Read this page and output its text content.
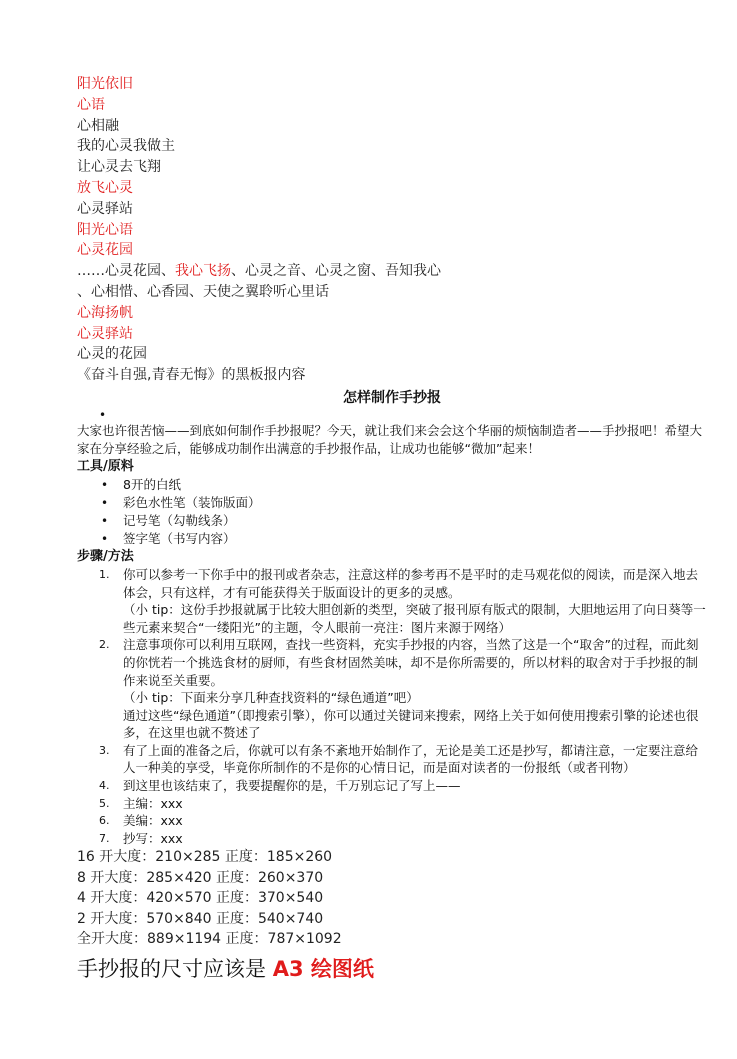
阳光依旧
心语
心相融
我的心灵我做主
让心灵去飞翔
放飞心灵
心灵驿站
阳光心语
心灵花园
……心灵花园、我心飞扬、心灵之音、心灵之窗、吾知我心
、心相惜、心香园、天使之翼聆听心里话
心海扬帆
心灵驿站
心灵的花园
《奋斗自强,青春无悔》的黑板报内容
怎样制作手抄报
•
大家也许很苦恼——到底如何制作手抄报呢？今天，就让我们来会会这个华丽的烦恼制造者——手抄报吧！希望大家在分享经验之后，能够成功制作出满意的手抄报作品，让成功也能够“微加”起来！
工具/原料
• 8开的白纸
• 彩色水性笔（装饰版面）
• 记号笔（勾勒线条）
• 签字笔（书写内容）
步骤/方法
1. 你可以参考一下你手中的报刊或者杂志，注意这样的参考再不是平时的走马观花似的阅读，而是深入地去体会，只有这样，才有可能获得关于版面设计的更多的灵感。
（小 tip：这份手抄报就属于比较大胆创新的类型，突破了报刊原有版式的限制，大胆地运用了向日葵等一些元素来契合“一缕阳光”的主题，令人眼前一亮注：图片来源于网络）
2. 注意事项你可以利用互联网，查找一些资料，充实手抄报的内容，当然了这是一个“取舍”的过程，而此刻的你恍若一个挑选食材的厨师，有些食材固然美味，却不是你所需要的，所以材料的取舍对于手抄报的制作来说至关重要。
（小 tip：下面来分享几种查找资料的“绿色通道”吧）
通过这些“绿色通道”（即搜索引擎），你可以通过关键词来搜索，网络上关于如何使用搜索引擎的论述也很多，在这里也就不赘述了
3. 有了上面的准备之后，你就可以有条不紊地开始制作了，无论是美工还是抄写，都请注意，一定要注意给人一种美的享受，毕竟你所制作的不是你的心情日记，而是面对读者的一份报纸（或者刊物）
4. 到这里也该结束了，我要提醒你的是，千万别忘记了写上——
5. 主编：xxx
6. 美编：xxx
7. 抄写：xxx
16 开大度：210×285 正度：185×260
8 开大度：285×420 正度：260×370
4 开大度：420×570 正度：370×540
2 开大度：570×840 正度：540×740
全开大度：889×1194 正度：787×1092
手抄报的尺寸应该是 A3 绘图纸
